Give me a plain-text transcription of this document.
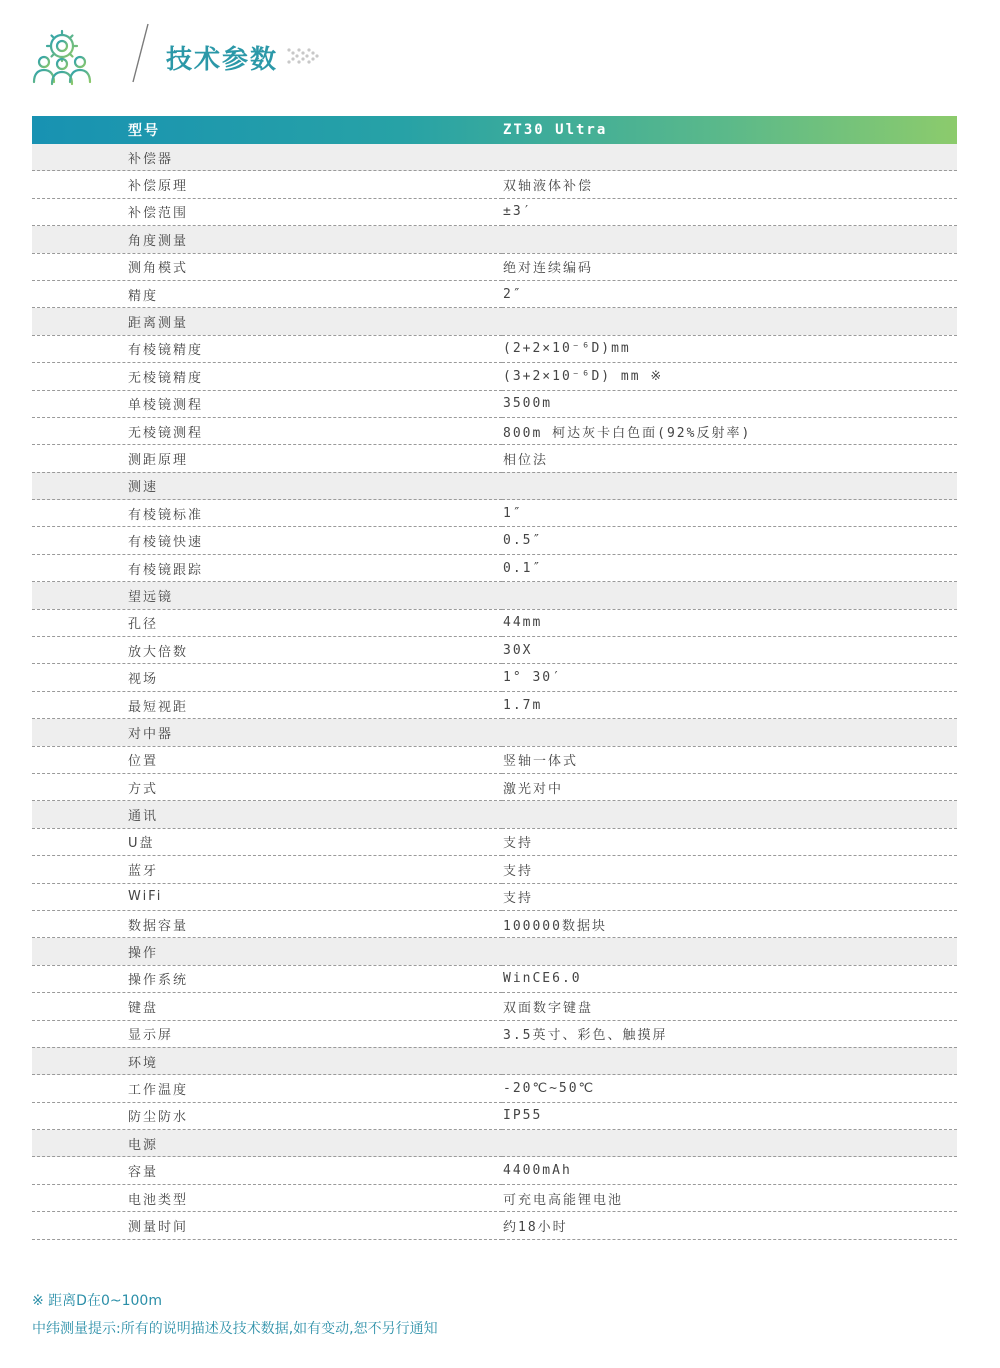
技术参数
型号	ZT30 Ultra
补偿器	
补偿原理	双轴液体补偿
补偿范围	±3′
角度测量	
测角模式	绝对连续编码
精度	2″
距离测量	
有棱镜精度	(2+2×10⁻⁶D)mm
无棱镜精度	(3+2×10⁻⁶D) mm ※
单棱镜测程	3500m
无棱镜测程	800m 柯达灰卡白色面(92%反射率)
测距原理	相位法
测速	
有棱镜标准	1″
有棱镜快速	0.5″
有棱镜跟踪	0.1″
望远镜	
孔径	44mm
放大倍数	30X
视场	1° 30′
最短视距	1.7m
对中器	
位置	竖轴一体式
方式	激光对中
通讯	
U盘	支持
蓝牙	支持
WiFi	支持
数据容量	100000数据块
操作	
操作系统	WinCE6.0
键盘	双面数字键盘
显示屏	3.5英寸、彩色、触摸屏
环境	
工作温度	-20℃~50℃
防尘防水	IP55
电源	
容量	4400mAh
电池类型	可充电高能锂电池
测量时间	约18小时
※ 距离D在0~100m
中纬测量提示:所有的说明描述及技术数据,如有变动,恕不另行通知
